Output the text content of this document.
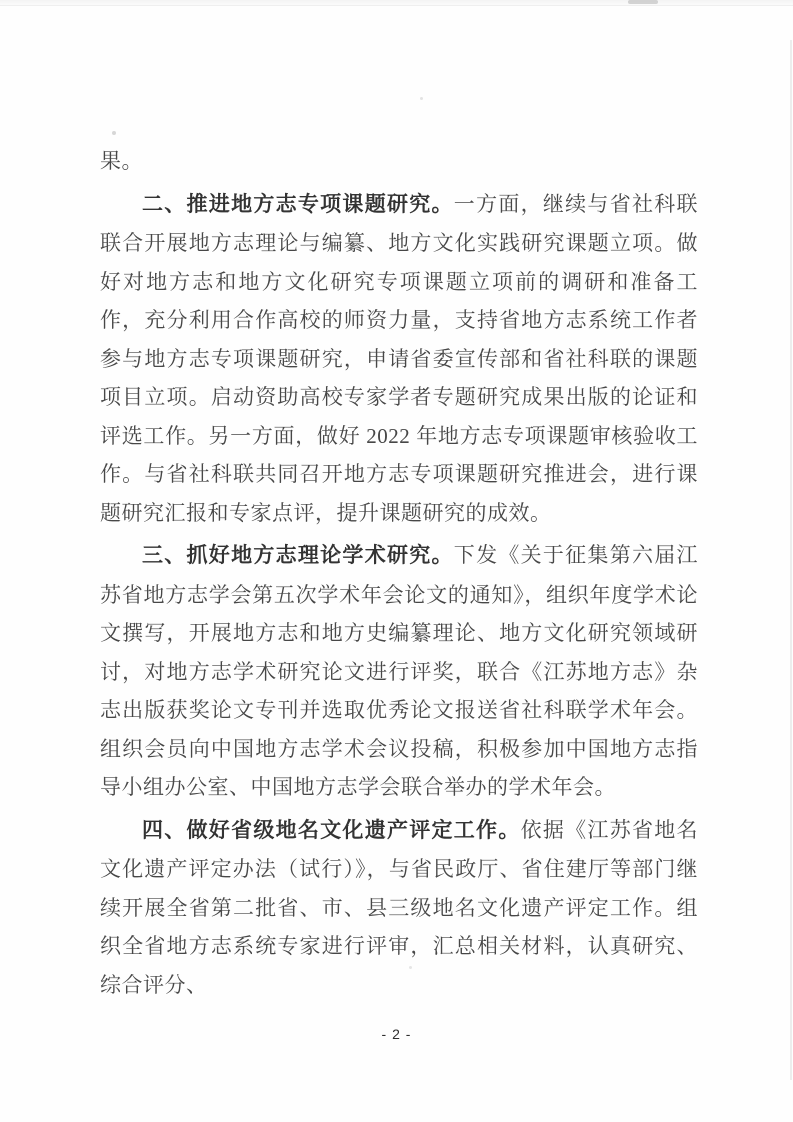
果。

二、推进地方志专项课题研究。一方面，继续与省社科联联合开展地方志理论与编纂、地方文化实践研究课题立项。做好对地方志和地方文化研究专项课题立项前的调研和准备工作，充分利用合作高校的师资力量，支持省地方志系统工作者参与地方志专项课题研究，申请省委宣传部和省社科联的课题项目立项。启动资助高校专家学者专题研究成果出版的论证和评选工作。另一方面，做好 2022 年地方志专项课题审核验收工作。与省社科联共同召开地方志专项课题研究推进会，进行课题研究汇报和专家点评，提升课题研究的成效。

三、抓好地方志理论学术研究。下发《关于征集第六届江苏省地方志学会第五次学术年会论文的通知》，组织年度学术论文撰写，开展地方志和地方史编纂理论、地方文化研究领域研讨，对地方志学术研究论文进行评奖，联合《江苏地方志》杂志出版获奖论文专刊并选取优秀论文报送省社科联学术年会。组织会员向中国地方志学术会议投稿，积极参加中国地方志指导小组办公室、中国地方志学会联合举办的学术年会。

四、做好省级地名文化遗产评定工作。依据《江苏省地名文化遗产评定办法（试行）》，与省民政厅、省住建厅等部门继续开展全省第二批省、市、县三级地名文化遗产评定工作。组织全省地方志系统专家进行评审，汇总相关材料，认真研究、综合评分、

- 2 -
